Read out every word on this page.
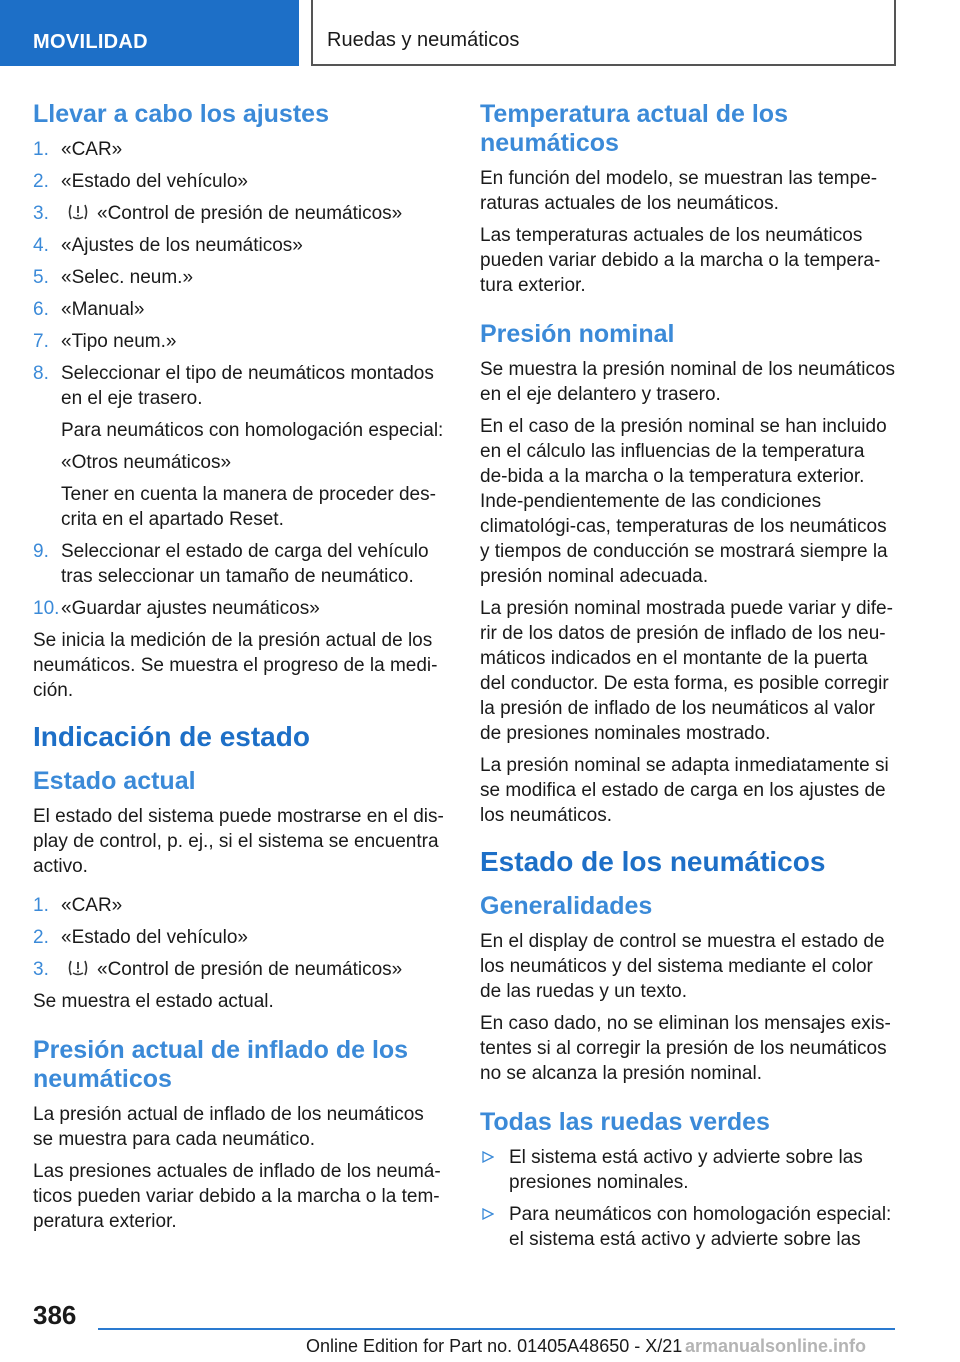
MOVILIDAD	Ruedas y neumáticos
Llevar a cabo los ajustes
1. «CAR»
2. «Estado del vehículo»
3.	«Control de presión de neumáticos»
4. «Ajustes de los neumáticos»
5. «Selec. neum.»
6. «Manual»
7. «Tipo neum.»
8. Seleccionar el tipo de neumáticos montados en el eje trasero.
Para neumáticos con homologación especial:
«Otros neumáticos»
Tener en cuenta la manera de proceder des-crita en el apartado Reset.
9. Seleccionar el estado de carga del vehículo tras seleccionar un tamaño de neumático.
10. «Guardar ajustes neumáticos»

Se inicia la medición de la presión actual de los neumáticos. Se muestra el progreso de la medi-ción.

Indicación de estado
Estado actual

El estado del sistema puede mostrarse en el dis-play de control, p. ej., si el sistema se encuentra activo.

1. «CAR»
2. «Estado del vehículo»
3.	«Control de presión de neumáticos»

Se muestra el estado actual.

Presión actual de inflado de los neumáticos

La presión actual de inflado de los neumáticos se muestra para cada neumático.

Las presiones actuales de inflado de los neumá-ticos pueden variar debido a la marcha o la tem-peratura exterior.

Temperatura actual de los neumáticos

En función del modelo, se muestran las tempe-raturas actuales de los neumáticos.

Las temperaturas actuales de los neumáticos pueden variar debido a la marcha o la tempera-tura exterior.

Presión nominal

Se muestra la presión nominal de los neumáticos en el eje delantero y trasero.

En el caso de la presión nominal se han incluido en el cálculo las influencias de la temperatura de-bida a la marcha o la temperatura exterior. Inde-pendientemente de las condiciones climatológi-cas, temperaturas de los neumáticos y tiempos de conducción se mostrará siempre la presión nominal adecuada.

La presión nominal mostrada puede variar y dife-rir de los datos de presión de inflado de los neu-máticos indicados en el montante de la puerta del conductor. De esta forma, es posible corregir la presión de inflado de los neumáticos al valor de presiones nominales mostrado.

La presión nominal se adapta inmediatamente si se modifica el estado de carga en los ajustes de los neumáticos.

Estado de los neumáticos
Generalidades

En el display de control se muestra el estado de los neumáticos y del sistema mediante el color de las ruedas y un texto.

En caso dado, no se eliminan los mensajes exis-tentes si al corregir la presión de los neumáticos no se alcanza la presión nominal.

Todas las ruedas verdes
El sistema está activo y advierte sobre las presiones nominales.
Para neumáticos con homologación especial: el sistema está activo y advierte sobre las
386
Online Edition for Part no. 01405A48650 - X/21 armanualsonline.info
